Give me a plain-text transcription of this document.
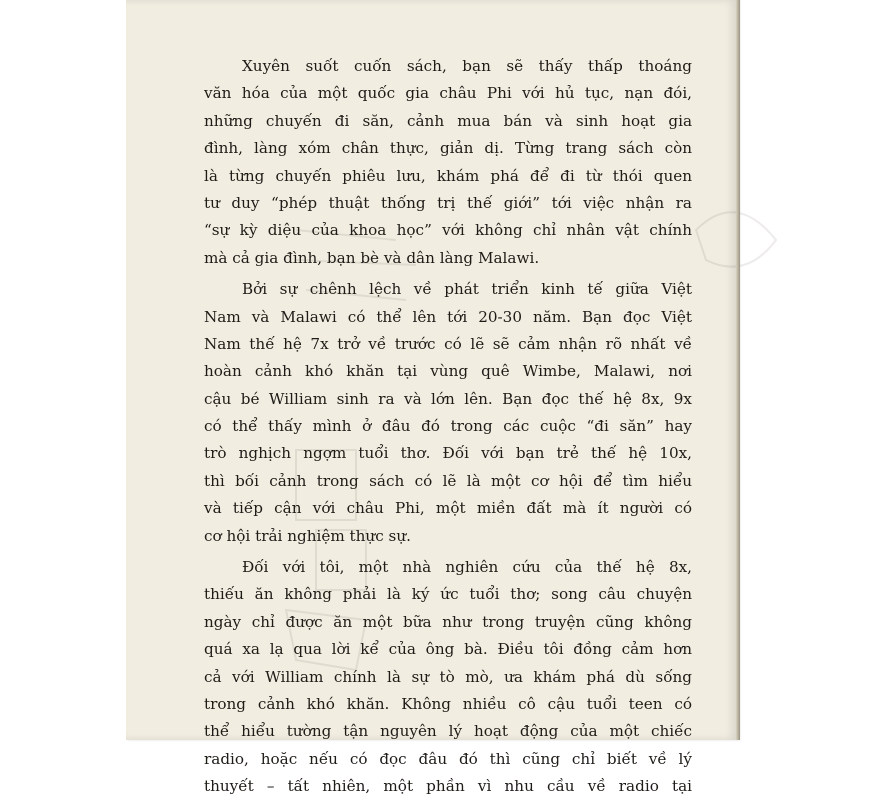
Xuyên suốt cuốn sách, bạn sẽ thấy thấp thoáng
văn hóa của một quốc gia châu Phi với hủ tục, nạn đói,
những chuyến đi săn, cảnh mua bán và sinh hoạt gia
đình, làng xóm chân thực, giản dị. Từng trang sách còn
là từng chuyến phiêu lưu, khám phá để đi từ thói quen
tư duy “phép thuật thống trị thế giới” tới việc nhận ra
“sự kỳ diệu của khoa học” với không chỉ nhân vật chính
mà cả gia đình, bạn bè và dân làng Malawi.
Bởi sự chênh lệch về phát triển kinh tế giữa Việt
Nam và Malawi có thể lên tới 20-30 năm. Bạn đọc Việt
Nam thế hệ 7x trở về trước có lẽ sẽ cảm nhận rõ nhất về
hoàn cảnh khó khăn tại vùng quê Wimbe, Malawi, nơi
cậu bé William sinh ra và lớn lên. Bạn đọc thế hệ 8x, 9x
có thể thấy mình ở đâu đó trong các cuộc “đi săn” hay
trò nghịch ngợm tuổi thơ. Đối với bạn trẻ thế hệ 10x,
thì bối cảnh trong sách có lẽ là một cơ hội để tìm hiểu
và tiếp cận với châu Phi, một miền đất mà ít người có
cơ hội trải nghiệm thực sự.
Đối với tôi, một nhà nghiên cứu của thế hệ 8x,
thiếu ăn không phải là ký ức tuổi thơ; song câu chuyện
ngày chỉ được ăn một bữa như trong truyện cũng không
quá xa lạ qua lời kể của ông bà. Điều tôi đồng cảm hơn
cả với William chính là sự tò mò, ưa khám phá dù sống
trong cảnh khó khăn. Không nhiều cô cậu tuổi teen có
thể hiểu tường tận nguyên lý hoạt động của một chiếc
radio, hoặc nếu có đọc đâu đó thì cũng chỉ biết về lý
thuyết – tất nhiên, một phần vì nhu cầu về radio tại
